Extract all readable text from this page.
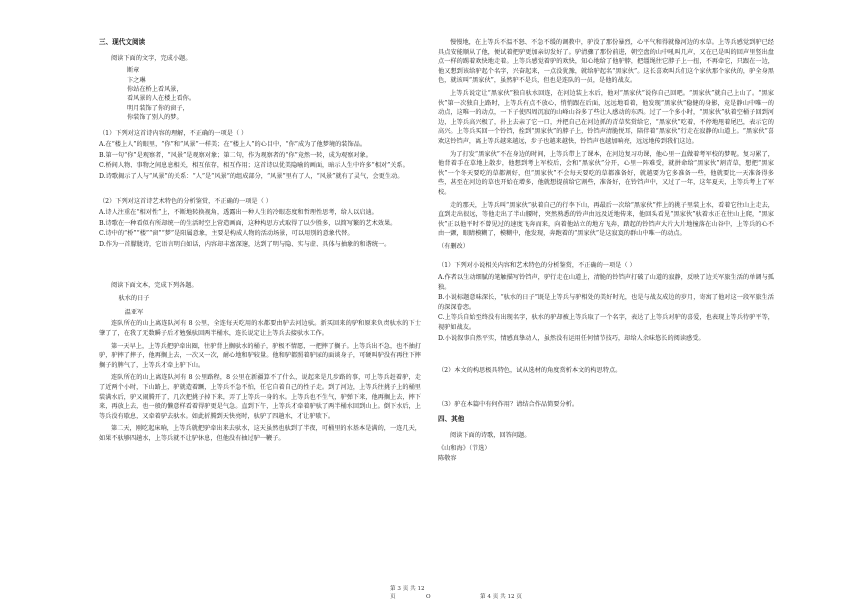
三、现代文阅读
阅读下面的文字，完成小题。
断章
卞之琳
你站在桥上看风景，
看风景的人在楼上看你。
明月装饰了你的窗子，
你装饰了别人的梦。
（1）下列对这首诗内容的理解，不正确的一项是（ ）
A.在“楼上人”的眼里，“你”和“风景”一样美；在“楼上人”的心目中，“你”成为了他梦境的装饰品。
B.第一句“你”是观察者，“风景”是观察对象；第二句，作为观察者的“你”竟然一转，成为观察对象。
C.桥间人物、事物之间息息相关，相互依存，相互作用；这首诗以优美隐喻的画面，暗示人生中许多“相对”关系。
D.诗歌揭示了人与“风景”的关系：“人”是“风景”的组成部分，“风景”里有了人，“风景”就有了灵气，会更生动。
（2）下列对这首诗艺术特色的分析鉴赏，不正确的一项是（ ）
A.诗人注重在“相对性”上，不断地转换视角，透露出一种人生的冷眼态度和哲理性思考，给人以启迪。
B.诗歌在一种看似有所却统一的生活时空上营造画面，这种构思方式取得了以少胜多，以简写繁的艺术效果。
C.诗中的“桥”“楼”“窗”“梦”是阳属意象，主要是构成人物的活动场景，可以用别的意象代替。
D.作为一首朦胧诗，它语言明白如话，内容却丰富深邃，达到了明与隐、实与虚、具体与抽象的和谐统一。
阅读下面文本，完成下列各题。
驮水的日子
温亚军
连队所在的山上离连队河有 8 公里，全连每天吃用的水都要由驴去河边驮。新买回来的驴和原来负责驮水的下士肇了了，在我了无数瞬子后才勉强驮回两半桶水，连长说定让上等兵去接驮水工作。
第一天早上，上等兵把驴牵出圈，往驴背上搁驮水的桶子，驴极不情愿，一把摔了搁子。上等兵出不急，也不抽打驴，驴摔了摔子，他再搁上去，一次又一次，耐心地和驴较量。他和驴都照着驴尿的面谈身子，可硬叫驴没有再往下摔搁子的脾气了，上等兵才牵上驴下山。
连队所在的山上离连队河有 8 公里路程，8 公里在新疆算不了什么，说起来是几步路的事，可上等兵赶着驴，走了近两个小时，下山路上，驴就造着蹶，上等兵不急不怕，任它自着自己的性子走。到了河边，上等兵往挑子上的桶里装满水后，驴又闹腾开了，几次把挑子掉下来，弄了上等兵一身的水。上等兵也不生气，驴弹下来，他再搁上去，摔下来，再放上去，也一般的懒意样看着得驴更是气急。直到下午，上等兵才牵着驴驮了两半桶水回到山上。倒下水后，上等兵没有歇息，又牵着驴去驮水。如此折腾到天快亮时，驮驴了四趟水，才让驴歇下。
第二天，刚吃起床晌，上等兵就把驴牵出来去驮水，这天虽然也驮到了半夜，可桶里的水基本是满的，一连几天，如果不驮够四趟水，上等兵就不让驴休息，但他没有抽过驴一鞭子。
第 3 页 共 12 页
慢慢地，在上等兵不温不怒、不急不缓的调教中，驴没了那份暴烈，心平气和得就像河边的水草。上等兵感觉到驴已经具点安能顺从了他，便试着把驴更加亲切发好了。驴清骤了那份前进，朝空盘的山中吼叫几声，又在已是叫的回声里竖出盘点一样的踢着欢快地走着。上等兵感觉着驴的欢快，知心地给了他驴脖，把缰绳往它脖子上一扭，不再牵它，只跟在一边，他又想到该给驴起个名字，兴奋起来，一点没犹豫，就给驴起名“黑家伙”。这长喜欢叫兵们这个家伙那个家伙的，驴全身黑色，就该叫“黑家伙”，虽然驴不是兵，但也是连队的一员，是他的战友。
上等兵说定让“黑家伙”独自驮水回连，在河边装上水后，他对“黑家伙”说你自己回吧。“黑家伙”就自己上山了。“黑家伙”第一次独自上路时，上等兵有点不放心，悄悄跟在后面，远远地看着，他发现“黑家伙”稳健的身影，竟是静山中唯一的动点，这唯一的动点，一下子使四周沉寂的山峰山谷多了些让人感动的东西。过了一个多小时，“黑家伙”驮着空桶子回到河边，上等兵高兴极了，扑上去亲了它一口，并把自己在河边抓的青草奖赏给它，“黑家伙”吃着，不停地甩着尾巴，表示它的高兴。上等兵买回一个铃铛，拴到“黑家伙”的脖子上，铃铛声清脆悦耳，陪伴着“黑家伙”行走在寂静的山道上。“黑家伙”喜欢这铃铛声，离上等兵越来越远，步子也越来越快，铃铛声也越加响亮，远远地传到我们这边。
为了打发“黑家伙”不在身边的时间，上等兵带上了课本，在河边复习功课，他心里一直做着考军校的梦呢。复习累了，他背着手在草地上散步，他想到考上军校后，会和“黑家伙”分开，心里一阵难受，就拼命给“黑家伙”割青草，想把“黑家伙”一个冬天要吃的草都割好，但“黑家伙”不会每天要吃的草都准备好，就越要为它多准备一些，他就要比一天准备得多些，甚至在河边的草也开始在增多，他就想提前给它割些，准备好，在铃铛声中，又过了一年，这年夏天，上等兵考上了军校。
走的那天，上等兵叫“黑家伙”驮着自己的行李下山，再最后一次给“黑家伙”拌上的挑子里装上水，看着它往山上走去，直到走出很远，等他走出了半山腰时，突然熟悉的铃声由远及近地传来，他回头看见“黑家伙”驮着水正在往山上爬，“黑家伙”正以他平时不曾见过的速度飞奔而来，向着他站立的地方飞奔，踏起的铃铛声大片大片地撞落在山谷中，上等兵的心不由一颤，眼睛模糊了，模糊中，他发现，奔跑着的“黑家伙”是这寂寞的群山中唯一的动点。
（有删改）
（1）下列对小说相关内容和艺术特色的分析鉴赏，不正确的一项是（ ）
A.作者以生动细腻的笔触描写铃铛声，驴行走在山道上，清脆的铃铛声打破了山道的寂静，反映了边关军旅生活的单调与孤独。
B.小说标题意味深长，“驮水的日子”既是上等兵与驴相处的美好时光，也是与战友成边的岁月，寄寓了他对这一段军旅生活的深深眷恋。
C.上等兵自始至终没有出现名字，驮水的驴却被上等兵取了一个名字，表达了上等兵对驴的喜爱，也表现上等兵待驴平等，视驴如战友。
D.小说叙事自然平实，情感真挚动人，虽然没有运用任何情节技巧，却给人余味悠长的阅读感受。
（2）本文的构思极具特色，试从选材的角度赏析本文的构思特点。
（3）驴在本篇中有何作用？请结合作品简要分析。
四、其他
阅读下面的诗歌，回答问题。
《山和海》（节选）
陈敬容
第 4 页 共 12 页
O
